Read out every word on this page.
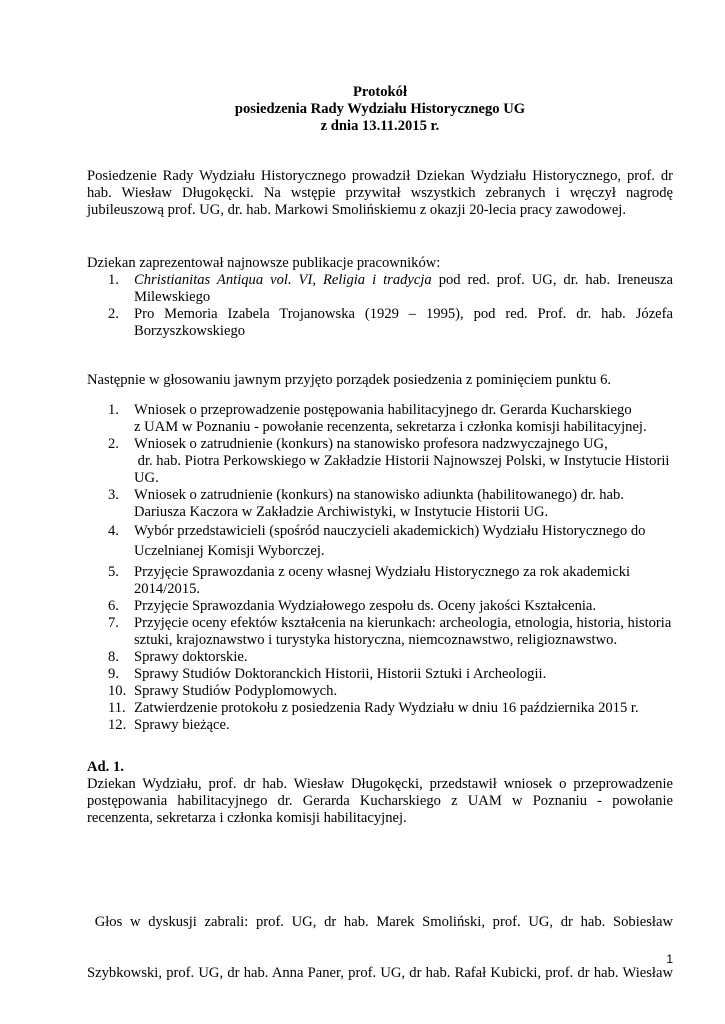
Protokół
posiedzenia Rady Wydziału Historycznego UG
z dnia 13.11.2015 r.
Posiedzenie Rady Wydziału Historycznego prowadził Dziekan Wydziału Historycznego, prof. dr
hab. Wiesław Długokęcki. Na wstępie przywitał wszystkich zebranych i wręczył nagrodę
jubileuszową prof. UG, dr. hab. Markowi Smolińskiemu z okazji 20-lecia pracy zawodowej.
Dziekan zaprezentował najnowsze publikacje pracowników:
1.	Christianitas Antiqua vol. VI, Religia i tradycja pod red. prof. UG, dr. hab. Ireneusza
Milewskiego
2.	Pro Memoria Izabela Trojanowska (1929 – 1995), pod red. Prof. dr. hab. Józefa
Borzyszkowskiego
Następnie w głosowaniu jawnym przyjęto porządek posiedzenia z pominięciem punktu 6.
1.	Wniosek o przeprowadzenie postępowania habilitacyjnego dr. Gerarda Kucharskiego
z UAM w Poznaniu - powołanie recenzenta, sekretarza i członka komisji habilitacyjnej.
2.	Wniosek o zatrudnienie (konkurs) na stanowisko profesora nadzwyczajnego UG,
dr. hab. Piotra Perkowskiego w Zakładzie Historii Najnowszej Polski, w Instytucie Historii
UG.
3.	Wniosek o zatrudnienie (konkurs) na stanowisko adiunkta (habilitowanego) dr. hab.
Dariusza Kaczora w Zakładzie Archiwistyki, w Instytucie Historii UG.
4.	Wybór przedstawicieli (spośród nauczycieli akademickich) Wydziału Historycznego do
Uczelnianej Komisji Wyborczej.
5.	Przyjęcie Sprawozdania z oceny własnej Wydziału Historycznego za rok akademicki
2014/2015.
6.	Przyjęcie Sprawozdania Wydziałowego zespołu ds. Oceny jakości Kształcenia.
7.	Przyjęcie oceny efektów kształcenia na kierunkach: archeologia, etnologia, historia, historia
sztuki, krajoznawstwo i turystyka historyczna, niemcoznawstwo, religioznawstwo.
8.	Sprawy doktorskie.
9.	Sprawy Studiów Doktoranckich Historii, Historii Sztuki i Archeologii.
10. Sprawy Studiów Podyplomowych.
11. Zatwierdzenie protokołu z posiedzenia Rady Wydziału w dniu 16 października 2015 r.
12. Sprawy bieżące.
Ad. 1.
Dziekan Wydziału, prof. dr hab. Wiesław Długokęcki, przedstawił wniosek o przeprowadzenie
postępowania habilitacyjnego dr. Gerarda Kucharskiego z UAM w Poznaniu - powołanie
recenzenta, sekretarza i członka komisji habilitacyjnej.

Głos w dyskusji zabrali: prof. UG, dr hab. Marek Smoliński, prof. UG, dr hab. Sobiesław

Szybkowski, prof. UG, dr hab. Anna Paner, prof. UG, dr hab. Rafał Kubicki, prof. dr hab. Wiesław

1
